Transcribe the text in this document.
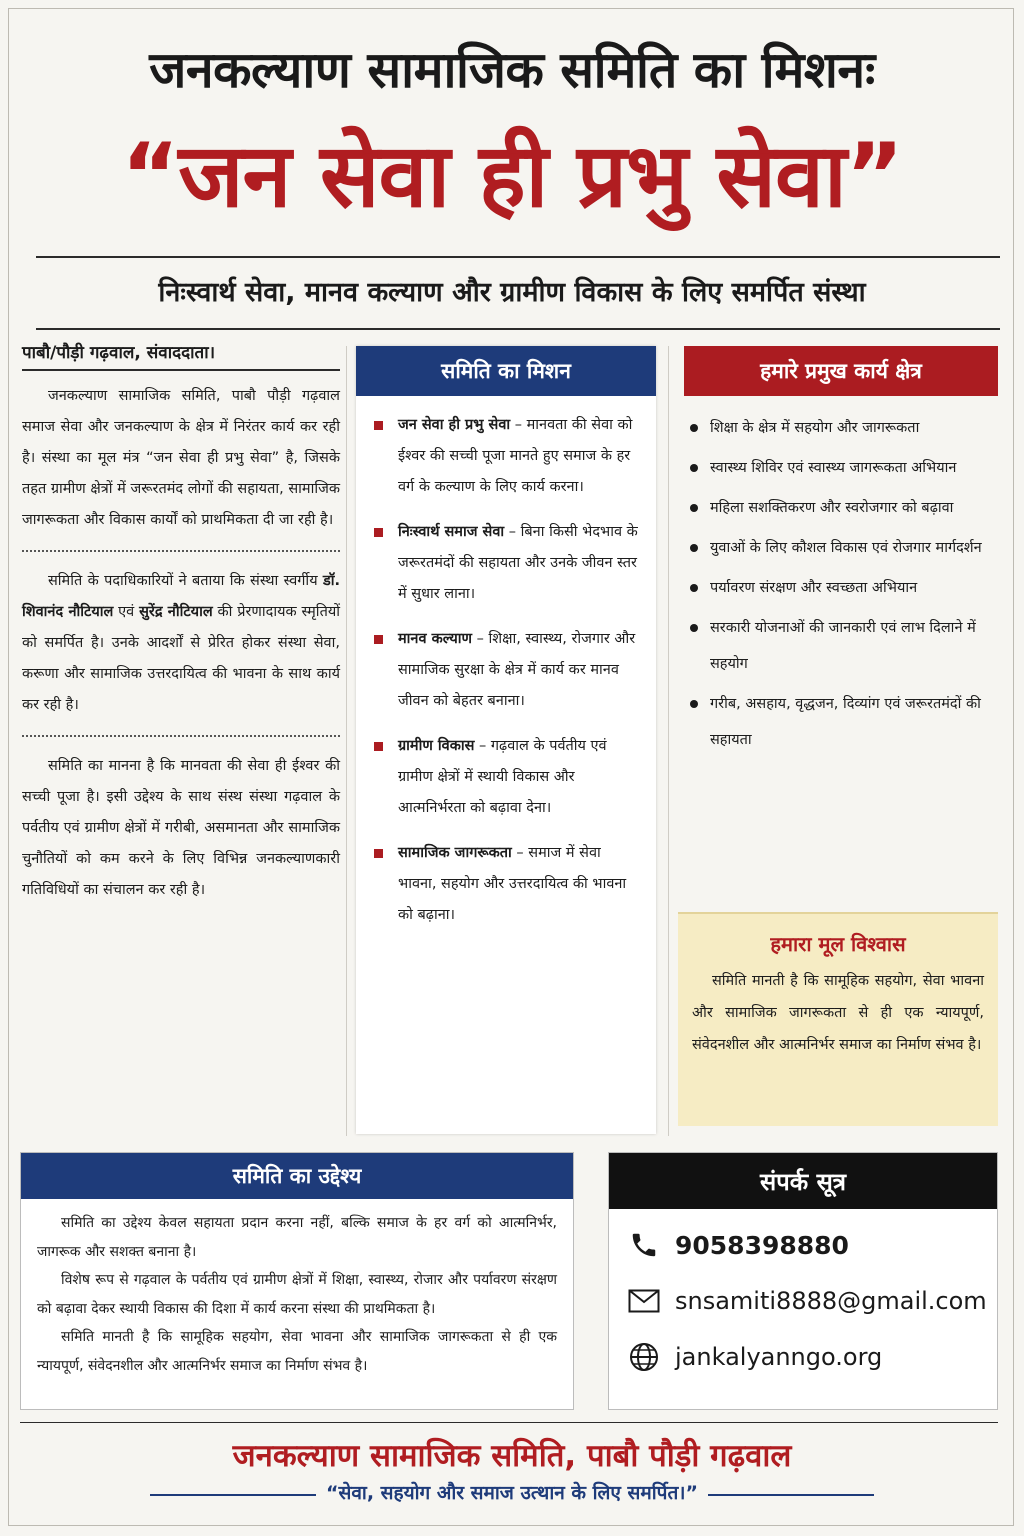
जनकल्याण सामाजिक समिति का मिशनः
“जन सेवा ही प्रभु सेवा”
निःस्वार्थ सेवा, मानव कल्याण और ग्रामीण विकास के लिए समर्पित संस्था
पाबौ/पौड़ी गढ़वाल, संवाददाता।

जनकल्याण सामाजिक समिति, पाबौ पौड़ी गढ़वाल समाज सेवा और जनकल्याण के क्षेत्र में निरंतर कार्य कर रही है। संस्था का मूल मंत्र “जन सेवा ही प्रभु सेवा” है, जिसके तहत ग्रामीण क्षेत्रों में जरूरतमंद लोगों की सहायता, सामाजिक जागरूकता और विकास कार्यों को प्राथमिकता दी जा रही है।

समिति के पदाधिकारियों ने बताया कि संस्था स्वर्गीय डॉ. शिवानंद नौटियाल एवं सुरेंद्र नौटियाल की प्रेरणादायक स्मृतियों को समर्पित है। उनके आदर्शों से प्रेरित होकर संस्था सेवा, करूणा और सामाजिक उत्तरदायित्व की भावना के साथ कार्य कर रही है।

समिति का मानना है कि मानवता की सेवा ही ईश्वर की सच्ची पूजा है। इसी उद्देश्य के साथ संस्थ संस्था गढ़वाल के पर्वतीय एवं ग्रामीण क्षेत्रों में गरीबी, असमानता और सामाजिक चुनौतियों को कम करने के लिए विभिन्न जनकल्याणकारी गतिविधियों का संचालन कर रही है।

समिति का मिशन
जन सेवा ही प्रभु सेवा – मानवता की सेवा को ईश्वर की सच्ची पूजा मानते हुए समाज के हर वर्ग के कल्याण के लिए कार्य करना।
निःस्वार्थ समाज सेवा – बिना किसी भेदभाव के जरूरतमंदों की सहायता और उनके जीवन स्तर में सुधार लाना।
मानव कल्याण – शिक्षा, स्वास्थ्य, रोजगार और सामाजिक सुरक्षा के क्षेत्र में कार्य कर मानव जीवन को बेहतर बनाना।
ग्रामीण विकास – गढ़वाल के पर्वतीय एवं ग्रामीण क्षेत्रों में स्थायी विकास और आत्मनिर्भरता को बढ़ावा देना।
सामाजिक जागरूकता – समाज में सेवा भावना, सहयोग और उत्तरदायित्व की भावना को बढ़ाना।
हमारे प्रमुख कार्य क्षेत्र
शिक्षा के क्षेत्र में सहयोग और जागरूकता
स्वास्थ्य शिविर एवं स्वास्थ्य जागरूकता अभियान
महिला सशक्तिकरण और स्वरोजगार को बढ़ावा
युवाओं के लिए कौशल विकास एवं रोजगार मार्गदर्शन
पर्यावरण संरक्षण और स्वच्छता अभियान
सरकारी योजनाओं की जानकारी एवं लाभ दिलाने में सहयोग
गरीब, असहाय, वृद्धजन, दिव्यांग एवं जरूरतमंदों की सहायता
हमारा मूल विश्वास

समिति मानती है कि सामूहिक सहयोग, सेवा भावना और सामाजिक जागरूकता से ही एक न्यायपूर्ण, संवेदनशील और आत्मनिर्भर समाज का निर्माण संभव है।

समिति का उद्देश्य

समिति का उद्देश्य केवल सहायता प्रदान करना नहीं, बल्कि समाज के हर वर्ग को आत्मनिर्भर, जागरूक और सशक्त बनाना है।

विशेष रूप से गढ़वाल के पर्वतीय एवं ग्रामीण क्षेत्रों में शिक्षा, स्वास्थ्य, रोजार और पर्यावरण संरक्षण को बढ़ावा देकर स्थायी विकास की दिशा में कार्य करना संस्था की प्राथमिकता है।

समिति मानती है कि सामूहिक सहयोग, सेवा भावना और सामाजिक जागरूकता से ही एक न्यायपूर्ण, संवेदनशील और आत्मनिर्भर समाज का निर्माण संभव है।

संपर्क सूत्र
9058398880
snsamiti8888@gmail.com
jankalyanngo.org
जनकल्याण सामाजिक समिति, पाबौ पौड़ी गढ़वाल
“सेवा, सहयोग और समाज उत्थान के लिए समर्पित।”
